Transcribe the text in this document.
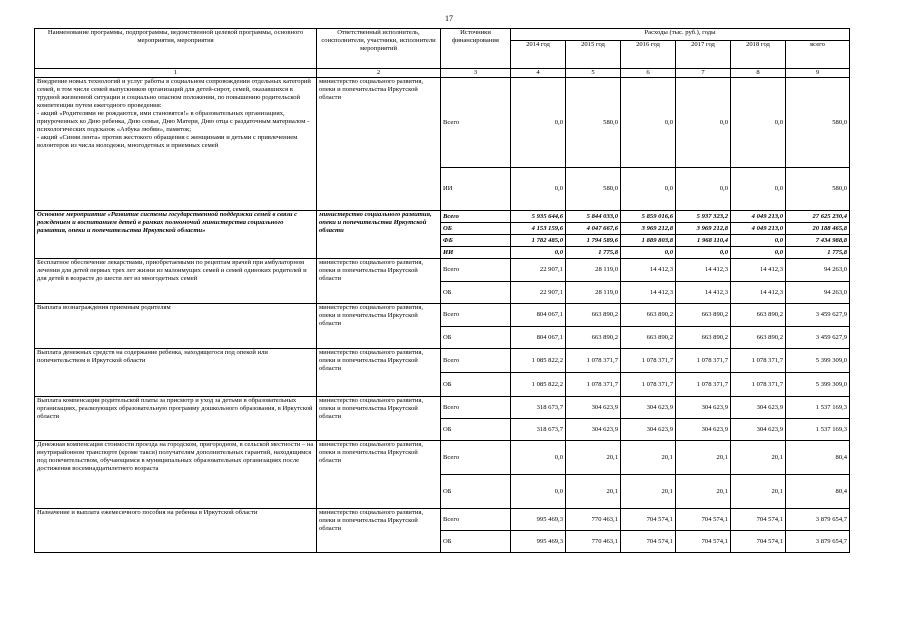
17
Наименование программы, подпрограммы, ведомственной целевой программы, основного мероприятия, мероприятия	Ответственный исполнитель, соисполнители, участники, исполнители мероприятий	Источники финансирования	Расходы (тыс. руб.), годы					
			2014 год	2015 год	2016 год	2017 год	2018 год	всего
1	2	3	4	5	6	7	8	9
Внедрение новых технологий и услуг работы в социальном сопровождении отдельных категорий семей, в том числе семей выпускников организаций для детей-сирот, семей, оказавшихся в трудной жизненной ситуации и социально опасном положении, по повышению родительской компетенции путем ежегодного проведения:
- акций «Родителями не рождаются, ими становятся!» в образовательных организациях, приуроченных ко Дню ребенка, Дню семьи, Дню Матери, Дню отца с раздаточным материалом - психологических подсказок «Азбука любви», памяток;
- акций «Синяя лента» против жестокого обращения с женщинами и детьми с привлечением волонтеров из числа молодежи, многодетных и приемных семей	министерство социального развития, опеки и попечительства Иркутской области	Всего	0,0	580,0	0,0	0,0	0,0	580,0
		ИИ	0,0	580,0	0,0	0,0	0,0	580,0
Основное мероприятие «Развитие системы государственной поддержки семей в связи с рождением и воспитанием детей в рамках полномочий министерства социального развития, опеки и попечительства Иркутской области»	министерство социального развития, опеки и попечительства Иркутской области	Всего	5 935 644,6	5 844 033,0	5 859 016,6	5 937 323,2	4 049 213,0	27 625 230,4
		ОБ	4 153 159,6	4 047 667,6	3 969 212,8	3 969 212,8	4 049 213,0	20 188 465,8
		ФБ	1 782 485,0	1 794 589,6	1 889 803,8	1 968 110,4	0,0	7 434 988,8
		ИИ	0,0	1 775,8	0,0	0,0	0,0	1 775,8
Бесплатное обеспечение лекарствами, приобретаемыми по рецептам врачей при амбулаторном лечении для детей первых трех лет жизни из малоимущих семей и семей одиноких родителей и для детей в возрасте до шести лет из многодетных семей	министерство социального развития, опеки и попечительства Иркутской области	Всего	22 907,1	28 119,0	14 412,3	14 412,3	14 412,3	94 263,0
		ОБ	22 907,1	28 119,0	14 412,3	14 412,3	14 412,3	94 263,0
Выплата вознаграждения приемным родителям	министерство социального развития, опеки и попечительства Иркутской области	Всего	804 067,1	663 890,2	663 890,2	663 890,2	663 890,2	3 459 627,9
		ОБ	804 067,1	663 890,2	663 890,2	663 890,2	663 890,2	3 459 627,9
Выплата денежных средств на содержание ребенка, находящегося под опекой или попечительством в Иркутской области	министерство социального развития, опеки и попечительства Иркутской области	Всего	1 085 822,2	1 078 371,7	1 078 371,7	1 078 371,7	1 078 371,7	5 399 309,0
		ОБ	1 085 822,2	1 078 371,7	1 078 371,7	1 078 371,7	1 078 371,7	5 399 309,0
Выплата компенсации родительской платы за присмотр и уход за детьми в образовательных организациях, реализующих образовательную программу дошкольного образования, в Иркутской области	министерство социального развития, опеки и попечительства Иркутской области	Всего	318 673,7	304 623,9	304 623,9	304 623,9	304 623,9	1 537 169,3
		ОБ	318 673,7	304 623,9	304 623,9	304 623,9	304 623,9	1 537 169,3
Денежная компенсация стоимости проезда на городском, пригородном, в сельской местности – на внутрирайонном транспорте (кроме такси) получателям дополнительных гарантий, находящимся под попечительством, обучающимся в муниципальных образовательных организациях после достижения восемнадцатилетнего возраста	министерство социального развития, опеки и попечительства Иркутской области	Всего	0,0	20,1	20,1	20,1	20,1	80,4
		ОБ	0,0	20,1	20,1	20,1	20,1	80,4
Назначение и выплата ежемесячного пособия на ребенка в Иркутской области	министерство социального развития, опеки и попечительства Иркутской области	Всего	995 469,3	770 463,1	704 574,1	704 574,1	704 574,1	3 879 654,7
		ОБ	995 469,3	770 463,1	704 574,1	704 574,1	704 574,1	3 879 654,7
